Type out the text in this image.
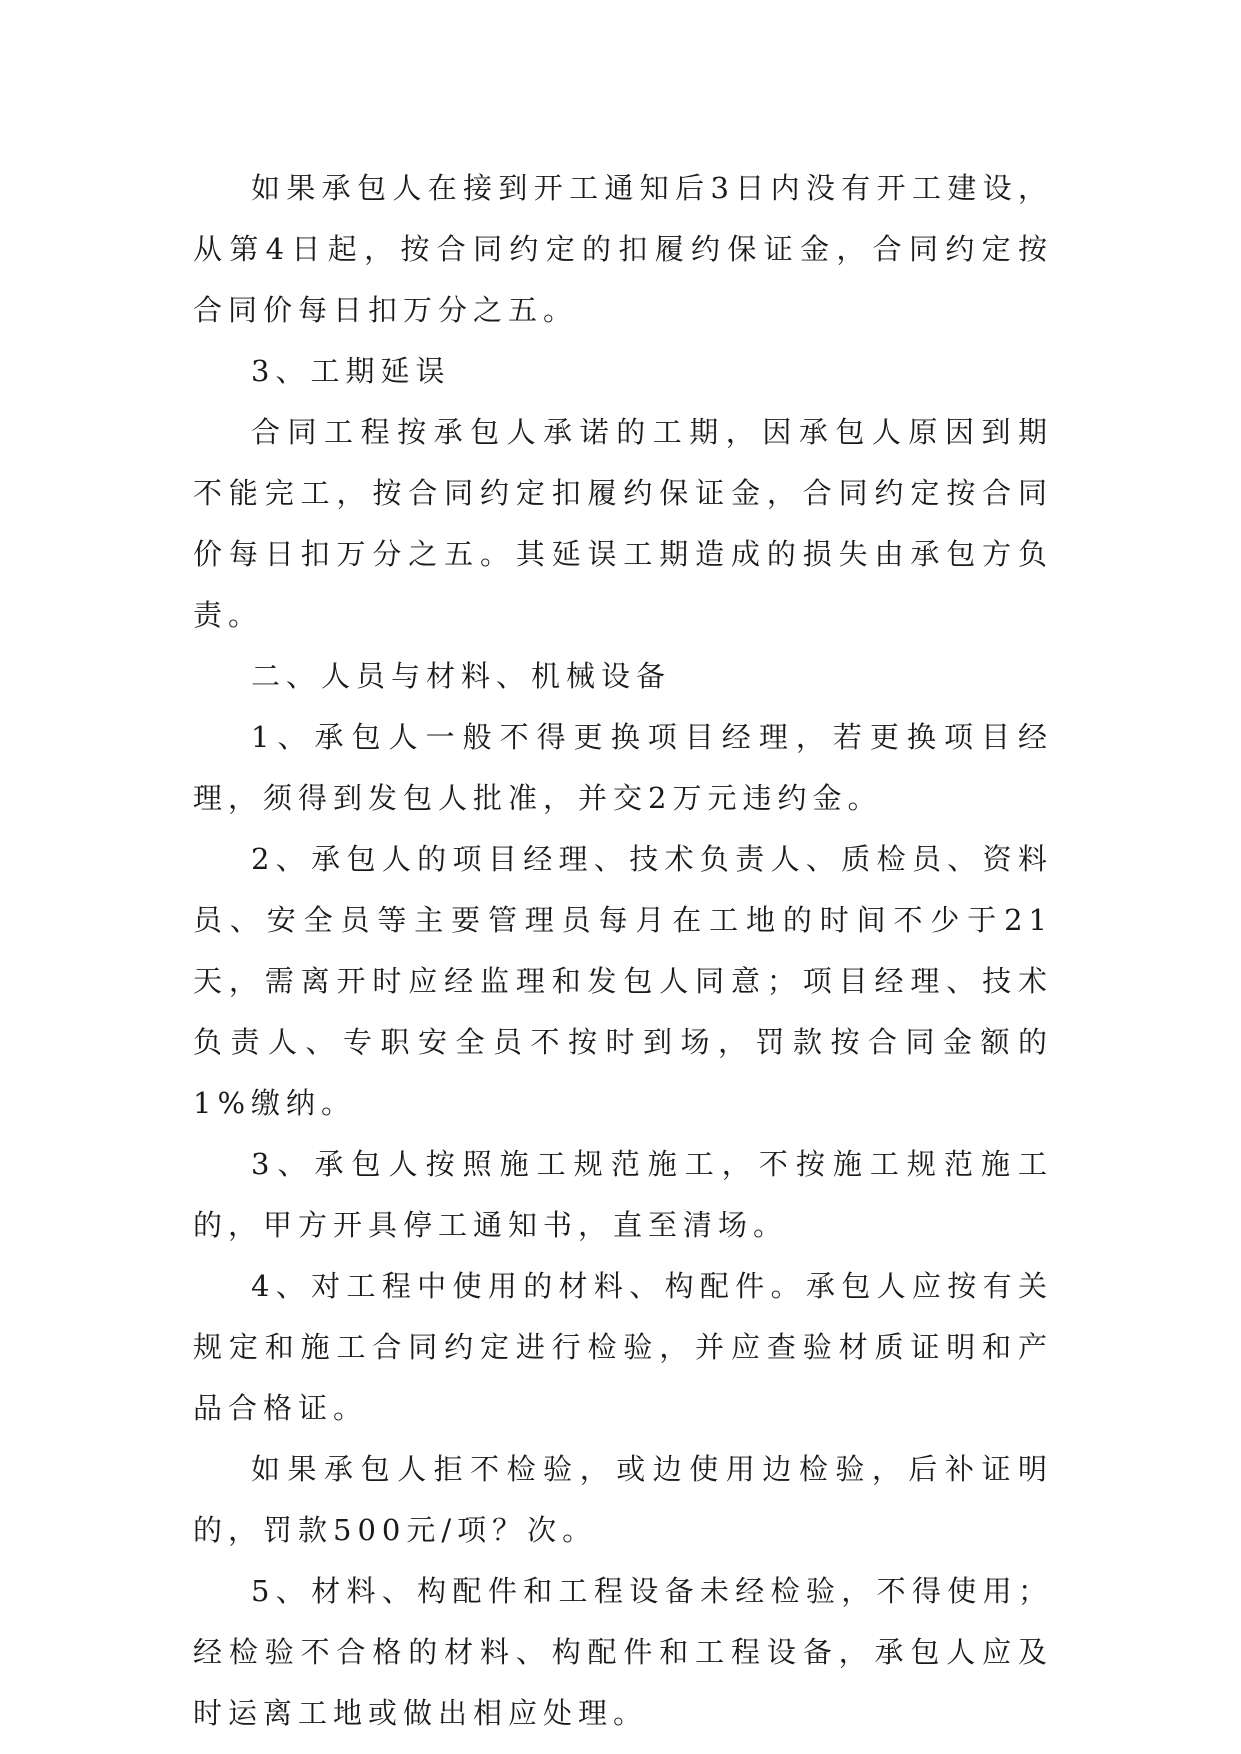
如果承包人在接到开工通知后3日内没有开工建设，从第4日起，按合同约定的扣履约保证金，合同约定按合同价每日扣万分之五。

3、工期延误

合同工程按承包人承诺的工期，因承包人原因到期不能完工，按合同约定扣履约保证金，合同约定按合同价每日扣万分之五。其延误工期造成的损失由承包方负责。

二、人员与材料、机械设备

1、承包人一般不得更换项目经理，若更换项目经理，须得到发包人批准，并交2万元违约金。

2、承包人的项目经理、技术负责人、质检员、资料员、安全员等主要管理员每月在工地的时间不少于21天，需离开时应经监理和发包人同意；项目经理、技术负责人、专职安全员不按时到场，罚款按合同金额的1%缴纳。

3、承包人按照施工规范施工，不按施工规范施工的，甲方开具停工通知书，直至清场。

4、对工程中使用的材料、构配件。承包人应按有关规定和施工合同约定进行检验，并应查验材质证明和产品合格证。

如果承包人拒不检验，或边使用边检验，后补证明的，罚款500元/项？次。

5、材料、构配件和工程设备未经检验，不得使用；经检验不合格的材料、构配件和工程设备，承包人应及时运离工地或做出相应处理。
